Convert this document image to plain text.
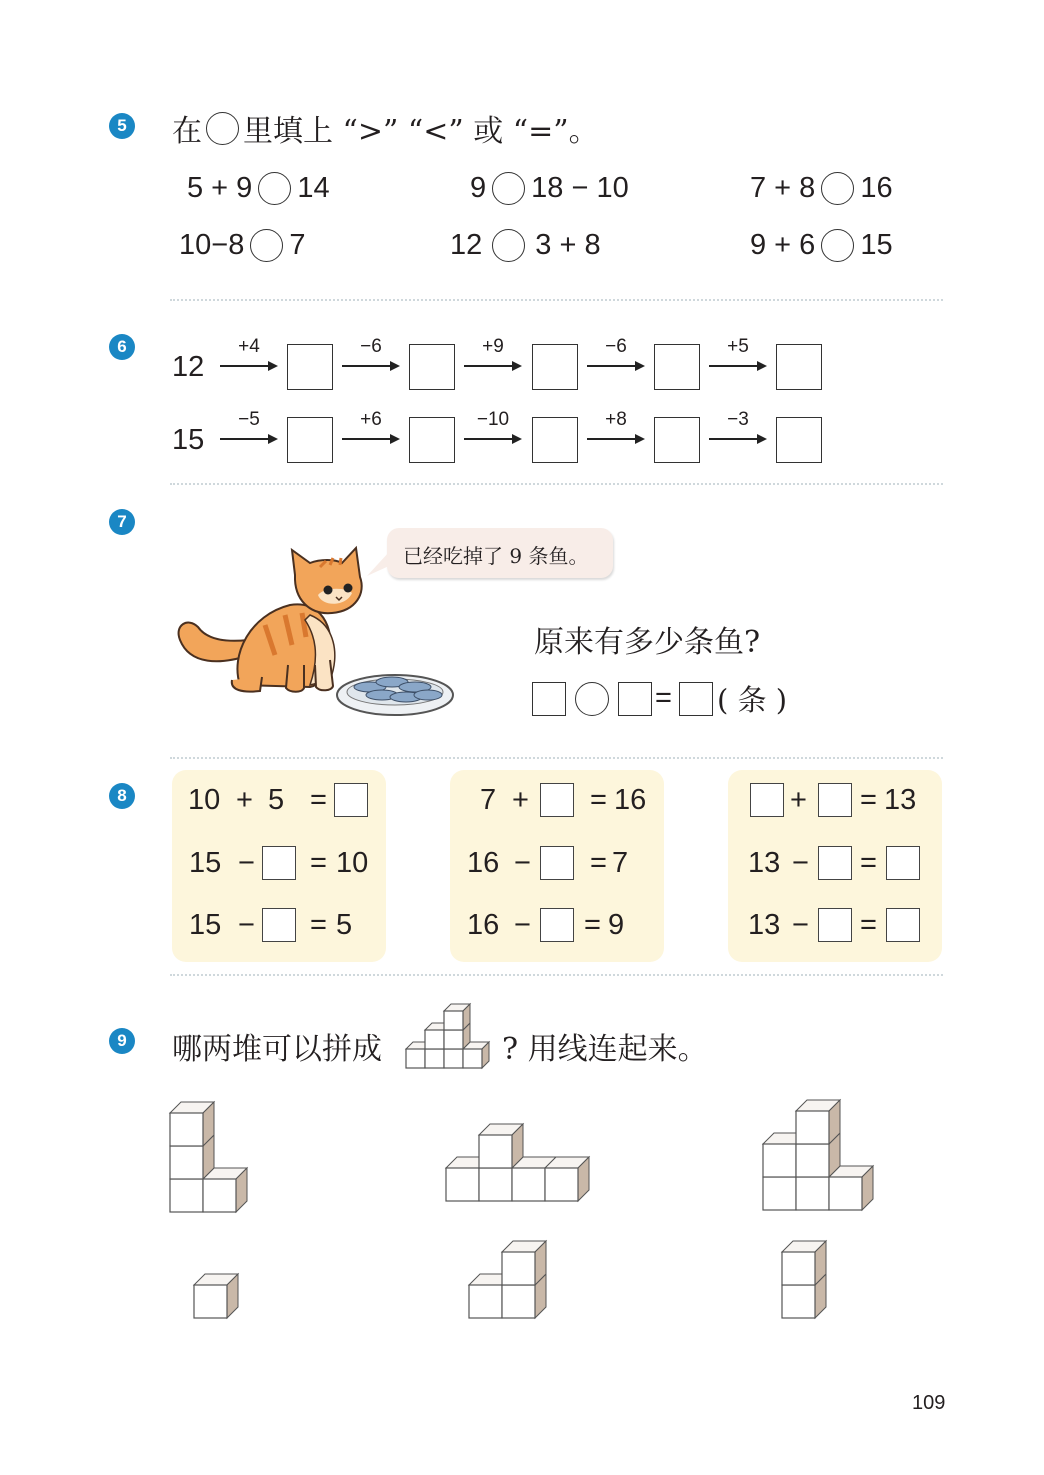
5 在 里填上 “>” “<” 或 “=”。
5 + 9 14	9 18 − 10	7 + 8 16
10−8 7	12 3 + 8	9 + 6 15
6
12
+4	−6	+9	−6	+5
15
−5	+6	−10	+8	−3
7
已经吃掉了 9 条鱼。
原来有多少条鱼?
= ( 条 )
8 10 + 5 =
15 − = 10
15 − = 5
7 + = 16
16 − = 7
16 − = 9
+ = 13
13 − =
13 − =
9 哪两堆可以拼成	? 用线连起来。
109
